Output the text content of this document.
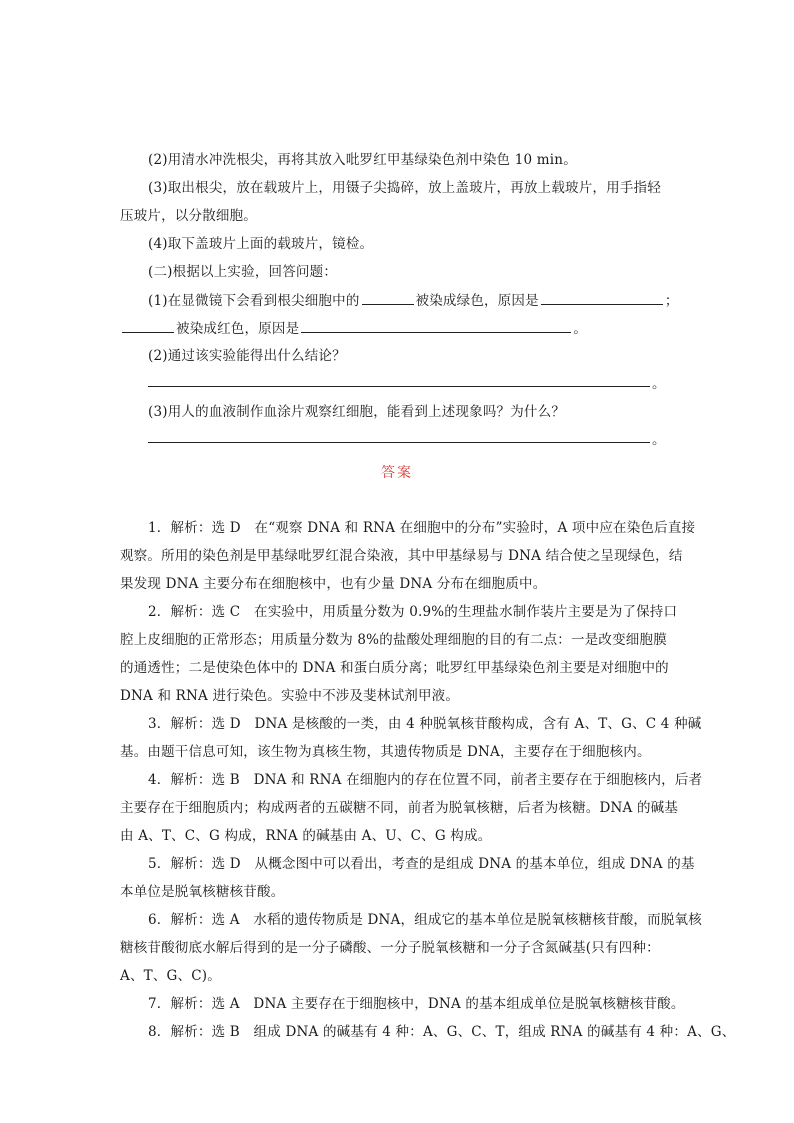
(2)用清水冲洗根尖，再将其放入吡罗红甲基绿染色剂中染色 10 min。
(3)取出根尖，放在载玻片上，用镊子尖捣碎，放上盖玻片，再放上载玻片，用手指轻
压玻片，以分散细胞。
(4)取下盖玻片上面的载玻片，镜检。
(二)根据以上实验，回答问题：
(1)在显微镜下会看到根尖细胞中的	被染成绿色，原因是	；
被染成红色，原因是	。
(2)通过该实验能得出什么结论？
。
(3)用人的血液制作血涂片观察红细胞，能看到上述现象吗？为什么？
。
答案
1．解析：选 D　在“观察 DNA 和 RNA 在细胞中的分布”实验时，A 项中应在染色后直接
观察。所用的染色剂是甲基绿吡罗红混合染液，其中甲基绿易与 DNA 结合使之呈现绿色，结
果发现 DNA 主要分布在细胞核中，也有少量 DNA 分布在细胞质中。
2．解析：选 C　在实验中，用质量分数为 0.9%的生理盐水制作装片主要是为了保持口
腔上皮细胞的正常形态；用质量分数为 8%的盐酸处理细胞的目的有二点：一是改变细胞膜
的通透性；二是使染色体中的 DNA 和蛋白质分离；吡罗红甲基绿染色剂主要是对细胞中的
DNA 和 RNA 进行染色。实验中不涉及斐林试剂甲液。
3．解析：选 D　DNA 是核酸的一类，由 4 种脱氧核苷酸构成，含有 A、T、G、C 4 种碱
基。由题干信息可知，该生物为真核生物，其遗传物质是 DNA，主要存在于细胞核内。
4．解析：选 B　DNA 和 RNA 在细胞内的存在位置不同，前者主要存在于细胞核内，后者
主要存在于细胞质内；构成两者的五碳糖不同，前者为脱氧核糖，后者为核糖。DNA 的碱基
由 A、T、C、G 构成，RNA 的碱基由 A、U、C、G 构成。
5．解析：选 D　从概念图中可以看出，考查的是组成 DNA 的基本单位，组成 DNA 的基
本单位是脱氧核糖核苷酸。
6．解析：选 A　水稻的遗传物质是 DNA，组成它的基本单位是脱氧核糖核苷酸，而脱氧核
糖核苷酸彻底水解后得到的是一分子磷酸、一分子脱氧核糖和一分子含氮碱基(只有四种：
A、T、G、C)。
7．解析：选 A　DNA 主要存在于细胞核中，DNA 的基本组成单位是脱氧核糖核苷酸。
8．解析：选 B　组成 DNA 的碱基有 4 种：A、G、C、T，组成 RNA 的碱基有 4 种：A、G、
